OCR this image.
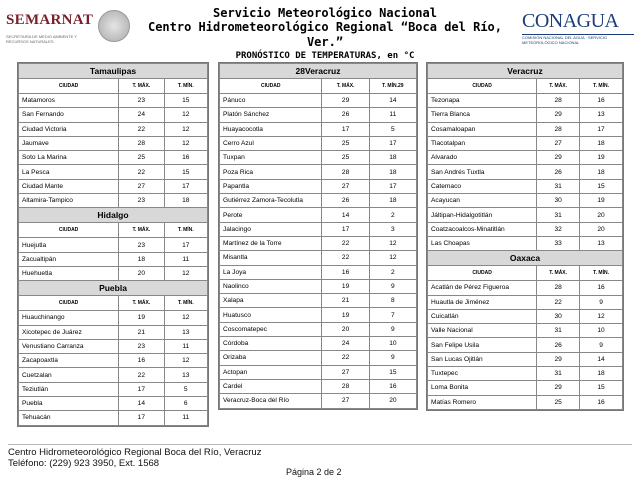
SEMARNAT
SECRETARÍA DE MEDIO AMBIENTE Y RECURSOS NATURALES
Servicio Meteorológico Nacional
Centro Hidrometeorológico Regional “Boca del Río, Ver.”
PRONÓSTICO DE TEMPERATURAS, en °C
CONAGUA
COMISIÓN NACIONAL DEL AGUA · SERVICIO METEOROLÓGICO NACIONAL
Tamaulipas		
CIUDAD	T. MÁX.	T. MÍN.
Matamoros	23	15
San Fernando	24	12
Ciudad Victoria	22	12
Jaumave	28	12
Soto La Marina	25	16
La Pesca	22	15
Ciudad Mante	27	17
Altamira-Tampico	23	18
Hidalgo		
CIUDAD	T. MÁX.	T. MÍN.
Huejutla	23	17
Zacualtipán	18	11
Huehuetla	20	12
Puebla		
CIUDAD	T. MÁX.	T. MÍN.
Huauchinango	19	12
Xicotepec de Juárez	21	13
Venustiano Carranza	23	11
Zacapoaxtla	16	12
Cuetzalan	22	13
Teziutlán	17	5
Puebla	14	6
Tehuacán	17	11
28Veracruz		
CIUDAD	T. MÁX.	T. MÍN.29
Pánuco	29	14
Platón Sánchez	26	11
Huayacocotla	17	5
Cerro Azul	25	17
Tuxpan	25	18
Poza Rica	28	18
Papantla	27	17
Gutiérrez Zamora-Tecolutla	26	18
Perote	14	2
Jalacingo	17	3
Martínez de la Torre	22	12
Misantla	22	12
La Joya	16	2
Naolinco	19	9
Xalapa	21	8
Huatusco	19	7
Coscomatepec	20	9
Córdoba	24	10
Orizaba	22	9
Actopan	27	15
Cardel	28	16
Veracruz-Boca del Río	27	20
Veracruz		
CIUDAD	T. MÁX.	T. MÍN.
Tezonapa	28	16
Tierra Blanca	29	13
Cosamaloapan	28	17
Tlacotalpan	27	18
Alvarado	29	19
San Andrés Tuxtla	26	18
Catemaco	31	15
Acayucan	30	19
Jáltipan-Hidalgotitlán	31	20
Coatzacoalcos-Minatitlán	32	20
Las Choapas	33	13
Oaxaca		
CIUDAD	T. MÁX.	T. MÍN.
Acatlán de Pérez Figueroa	28	16
Huautla de Jiménez	22	9
Cuicatlán	30	12
Valle Nacional	31	10
San Felipe Usila	26	9
San Lucas Ojitlán	29	14
Tuxtepec	31	18
Loma Bonita	29	15
Matías Romero	25	16
Centro Hidrometeorológico Regional Boca del Río, Veracruz
Teléfono: (229) 923 3950, Ext. 1568
Página 2 de 2
